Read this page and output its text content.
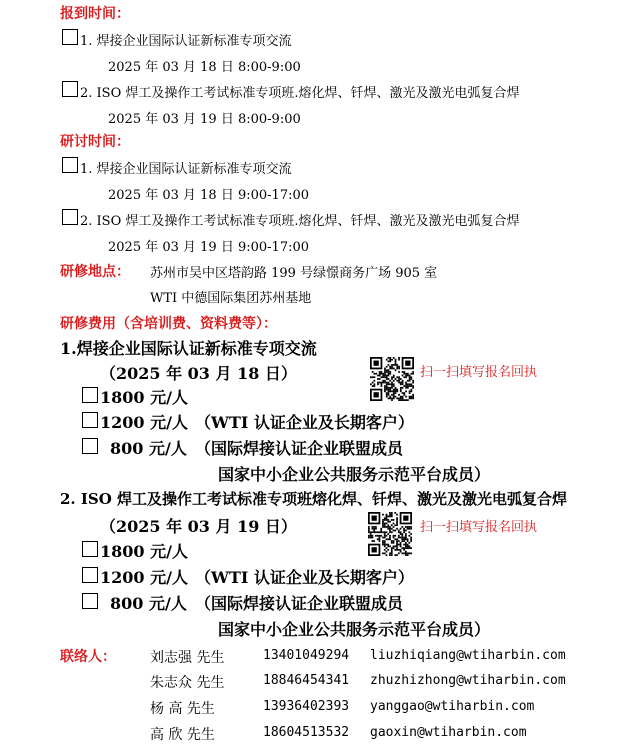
报到时间：
1. 焊接企业国际认证新标准专项交流
2025 年 03 月 18 日 8:00-9:00
2. ISO 焊工及操作工考试标准专项班.熔化焊、钎焊、激光及激光电弧复合焊
2025 年 03 月 19 日 8:00-9:00
研讨时间：
1. 焊接企业国际认证新标准专项交流
2025 年 03 月 18 日 9:00-17:00
2. ISO 焊工及操作工考试标准专项班.熔化焊、钎焊、激光及激光电弧复合焊
2025 年 03 月 19 日 9:00-17:00
研修地点： 苏州市吴中区塔韵路 199 号绿憬商务广场 905 室
WTI 中德国际集团苏州基地
研修费用（含培训费、资料费等）：
1.焊接企业国际认证新标准专项交流
（2025 年 03 月 18 日）	扫一扫填写报名回执
1800 元/人
1200 元/人 （WTI 认证企业及长期客户）
800 元/人 （国际焊接认证企业联盟成员
国家中小企业公共服务示范平台成员）
2. ISO 焊工及操作工考试标准专项班熔化焊、钎焊、激光及激光电弧复合焊
（2025 年 03 月 19 日）	扫一扫填写报名回执
1800 元/人
1200 元/人 （WTI 认证企业及长期客户）
800 元/人 （国际焊接认证企业联盟成员
国家中小企业公共服务示范平台成员）
联络人： 刘志强 先生	13401049294 liuzhiqiang@wtiharbin.com
朱志众 先生	18846454341 zhuzhizhong@wtiharbin.com
杨 高 先生	13936402393 yanggao@wtiharbin.com
高 欣 先生	18604513532 gaoxin@wtiharbin.com
